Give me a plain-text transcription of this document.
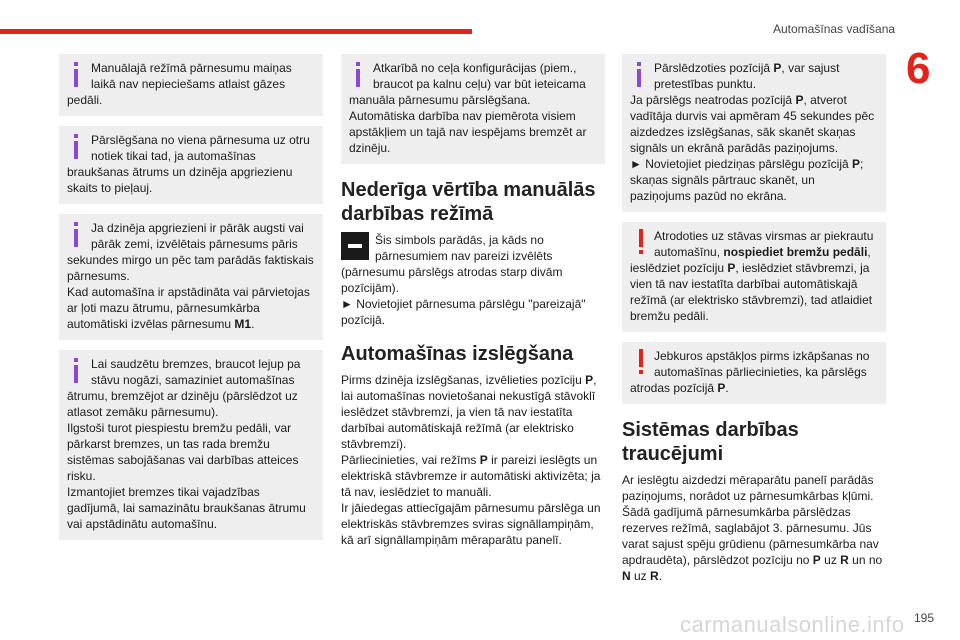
Automašīnas vadīšana
6

Manuālajā režīmā pārnesumu maiņas laikā nav nepieciešams atlaist gāzes pedāli.

Pārslēgšana no viena pārnesuma uz otru notiek tikai tad, ja automašīnas braukšanas ātrums un dzinēja apgriezienu skaits to pieļauj.

Ja dzinēja apgriezieni ir pārāk augsti vai pārāk zemi, izvēlētais pārnesums pāris sekundes mirgo un pēc tam parādās faktiskais pārnesums.

Kad automašīna ir apstādināta vai pārvietojas ar ļoti mazu ātrumu, pārnesumkārba automātiski izvēlas pārnesumu M1.

Lai saudzētu bremzes, braucot lejup pa stāvu nogāzi, samaziniet automašīnas ātrumu, bremzējot ar dzinēju (pārslēdzot uz atlasot zemāku pārnesumu).

Ilgstoši turot piespiestu bremžu pedāli, var pārkarst bremzes, un tas rada bremžu sistēmas sabojāšanas vai darbības atteices risku.

Izmantojiet bremzes tikai vajadzības gadījumā, lai samazinātu braukšanas ātrumu vai apstādinātu automašīnu.

Atkarībā no ceļa konfigurācijas (piem., braucot pa kalnu ceļu) var būt ieteicama manuāla pārnesumu pārslēgšana.

Automātiska darbība nav piemērota visiem apstākļiem un tajā nav iespējams bremzēt ar dzinēju.

Nederīga vērtība manuālās darbības režīmā

Šis simbols parādās, ja kāds no pārnesumiem nav pareizi izvēlēts (pārnesumu pārslēgs atrodas starp divām pozīcijām).

► Novietojiet pārnesuma pārslēgu "pareizajā" pozīcijā.

Automašīnas izslēgšana

Pirms dzinēja izslēgšanas, izvēlieties pozīciju P, lai automašīnas novietošanai nekustīgā stāvoklī ieslēdzet stāvbremzi, ja vien tā nav iestatīta darbībai automātiskajā režīmā (ar elektrisko stāvbremzi).

Pārliecinieties, vai režīms P ir pareizi ieslēgts un elektriskā stāvbremze ir automātiski aktivizēta; ja tā nav, ieslēdziet to manuāli.

Ir jāiedegas attiecīgajām pārnesumu pārslēga un elektriskās stāvbremzes sviras signāllampiņām, kā arī signāllampiņām mēraparātu panelī.

Pārslēdzoties pozīcijā P, var sajust pretestības punktu.

Ja pārslēgs neatrodas pozīcijā P, atverot vadītāja durvis vai apmēram 45 sekundes pēc aizdedzes izslēgšanas, sāk skanēt skaņas signāls un ekrānā parādās paziņojums.

► Novietojiet piedziņas pārslēgu pozīcijā P; skaņas signāls pārtrauc skanēt, un paziņojums pazūd no ekrāna.

Atrodoties uz stāvas virsmas ar piekrautu automašīnu, nospiediet bremžu pedāli, ieslēdziet pozīciju P, ieslēdziet stāvbremzi, ja vien tā nav iestatīta darbībai automātiskajā režīmā (ar elektrisko stāvbremzi), tad atlaidiet bremžu pedāli.

Jebkuros apstākļos pirms izkāpšanas no automašīnas pārliecinieties, ka pārslēgs atrodas pozīcijā P.

Sistēmas darbības traucējumi

Ar ieslēgtu aizdedzi mēraparātu panelī parādās paziņojums, norādot uz pārnesumkārbas kļūmi. Šādā gadījumā pārnesumkārba pārslēdzas rezerves režīmā, saglabājot 3. pārnesumu. Jūs varat sajust spēju grūdienu (pārnesumkārba nav apdraudēta), pārslēdzot pozīciju no P uz R un no N uz R.

carmanualsonline.info 195
